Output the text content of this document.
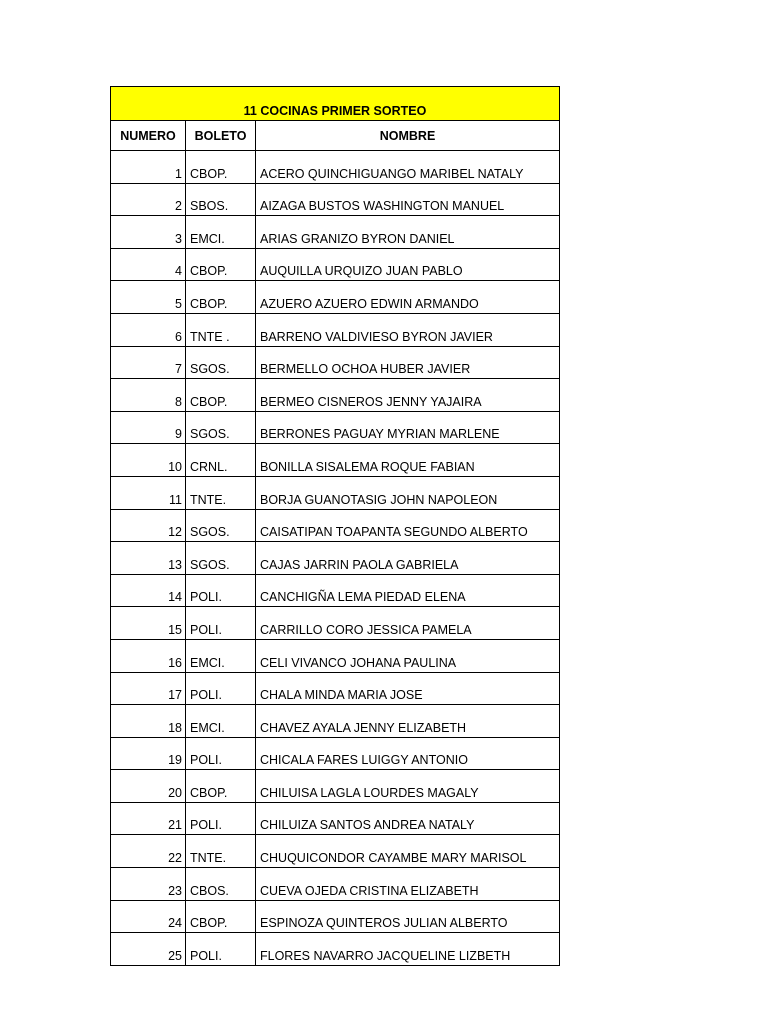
11 COCINAS PRIMER SORTEO		
NUMERO	BOLETO	NOMBRE
1	CBOP.	ACERO QUINCHIGUANGO MARIBEL NATALY
2	SBOS.	AIZAGA BUSTOS WASHINGTON MANUEL
3	EMCI.	ARIAS GRANIZO BYRON DANIEL
4	CBOP.	AUQUILLA URQUIZO JUAN PABLO
5	CBOP.	AZUERO AZUERO EDWIN ARMANDO
6	TNTE .	BARRENO VALDIVIESO BYRON JAVIER
7	SGOS.	BERMELLO OCHOA HUBER JAVIER
8	CBOP.	BERMEO CISNEROS JENNY YAJAIRA
9	SGOS.	BERRONES PAGUAY MYRIAN MARLENE
10	CRNL.	BONILLA SISALEMA ROQUE FABIAN
11	TNTE.	BORJA GUANOTASIG JOHN NAPOLEON
12	SGOS.	CAISATIPAN TOAPANTA SEGUNDO ALBERTO
13	SGOS.	CAJAS JARRIN PAOLA GABRIELA
14	POLI.	CANCHIGÑA LEMA PIEDAD ELENA
15	POLI.	CARRILLO CORO JESSICA PAMELA
16	EMCI.	CELI VIVANCO JOHANA PAULINA
17	POLI.	CHALA MINDA MARIA JOSE
18	EMCI.	CHAVEZ AYALA JENNY ELIZABETH
19	POLI.	CHICALA FARES LUIGGY ANTONIO
20	CBOP.	CHILUISA LAGLA LOURDES MAGALY
21	POLI.	CHILUIZA SANTOS ANDREA NATALY
22	TNTE.	CHUQUICONDOR CAYAMBE MARY MARISOL
23	CBOS.	CUEVA OJEDA CRISTINA ELIZABETH
24	CBOP.	ESPINOZA QUINTEROS JULIAN ALBERTO
25	POLI.	FLORES NAVARRO JACQUELINE LIZBETH
